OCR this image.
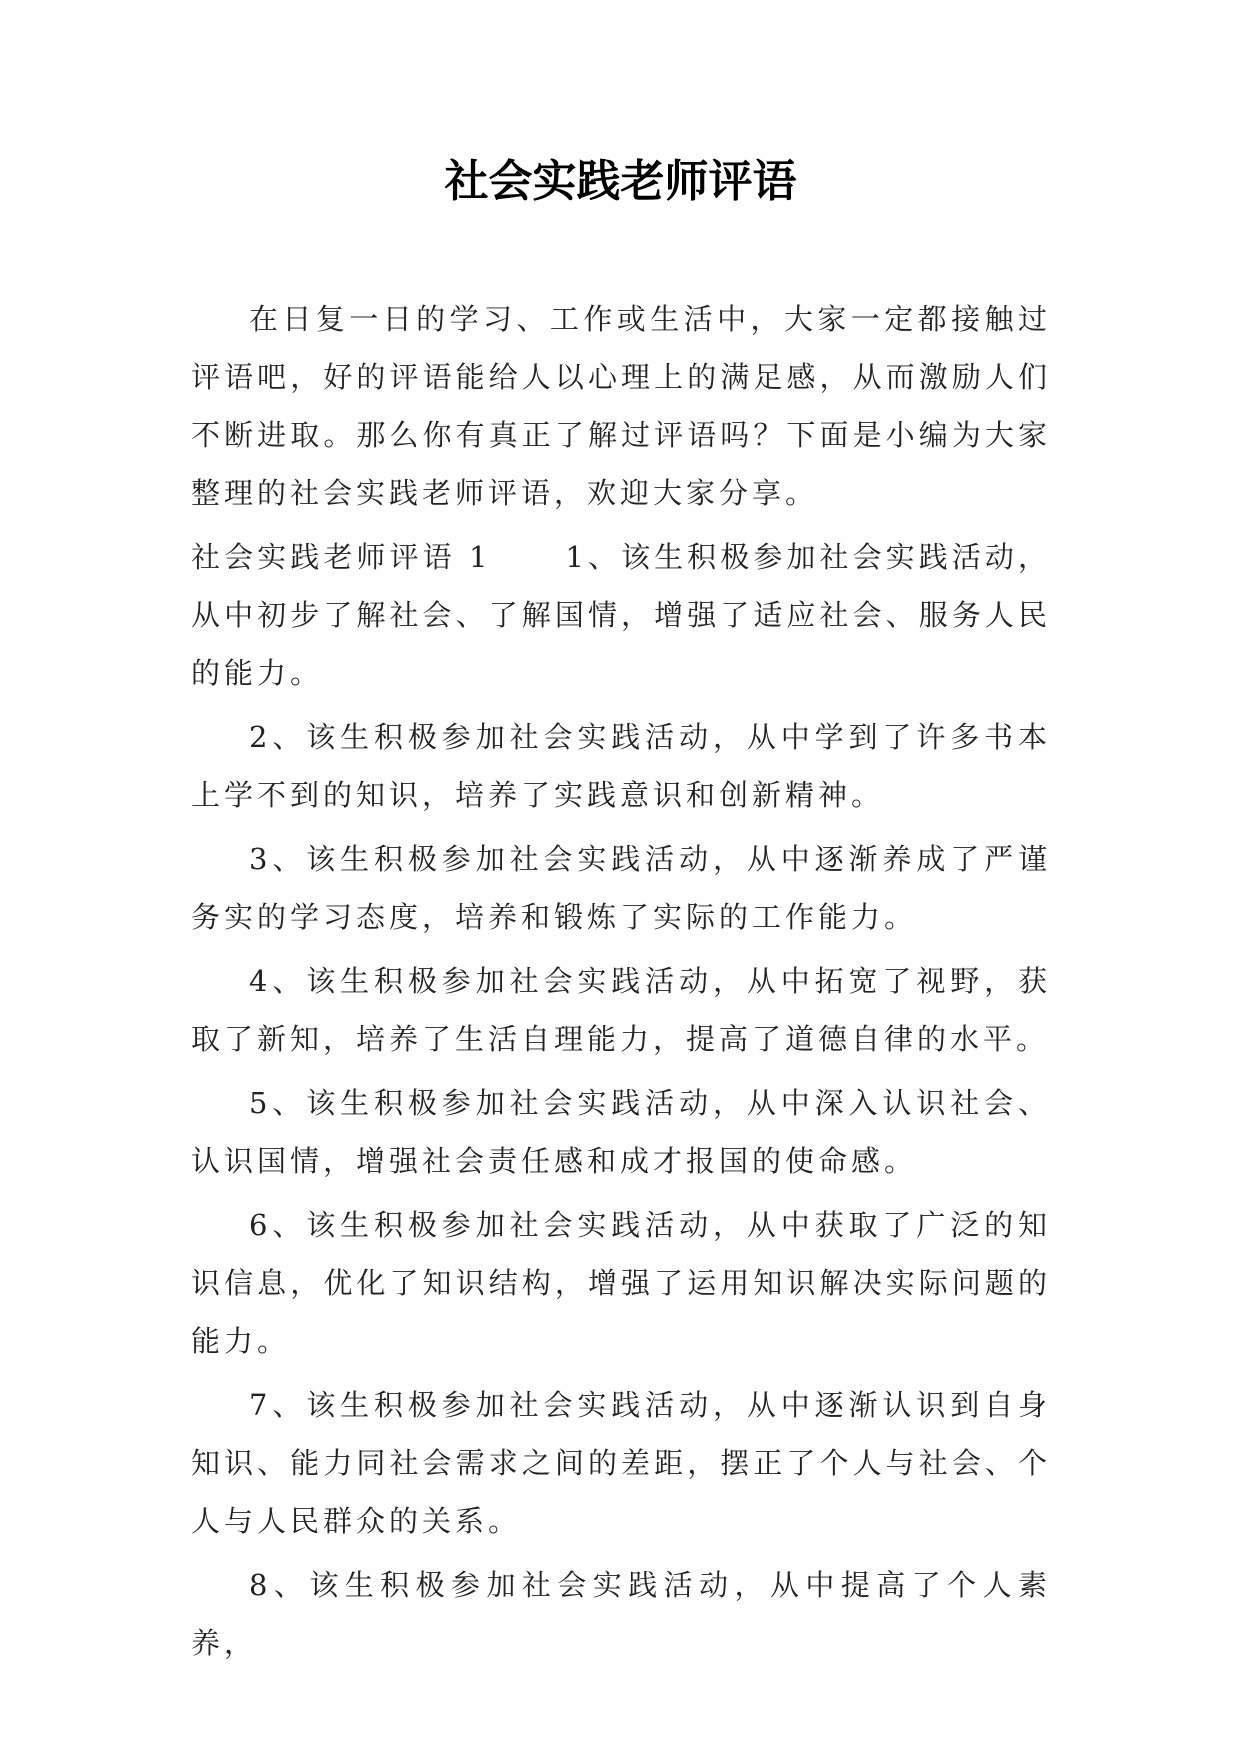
社会实践老师评语

在日复一日的学习、工作或生活中，大家一定都接触过评语吧，好的评语能给人以心理上的满足感，从而激励人们不断进取。那么你有真正了解过评语吗？下面是小编为大家整理的社会实践老师评语，欢迎大家分享。

社会实践老师评语 1	1、该生积极参加社会实践活动，从中初步了解社会、了解国情，增强了适应社会、服务人民的能力。

2、该生积极参加社会实践活动，从中学到了许多书本上学不到的知识，培养了实践意识和创新精神。

3、该生积极参加社会实践活动，从中逐渐养成了严谨务实的学习态度，培养和锻炼了实际的工作能力。

4、该生积极参加社会实践活动，从中拓宽了视野，获取了新知，培养了生活自理能力，提高了道德自律的水平。

5、该生积极参加社会实践活动，从中深入认识社会、认识国情，增强社会责任感和成才报国的使命感。

6、该生积极参加社会实践活动，从中获取了广泛的知识信息，优化了知识结构，增强了运用知识解决实际问题的能力。

7、该生积极参加社会实践活动，从中逐渐认识到自身知识、能力同社会需求之间的差距，摆正了个人与社会、个人与人民群众的关系。

8、该生积极参加社会实践活动，从中提高了个人素养，
